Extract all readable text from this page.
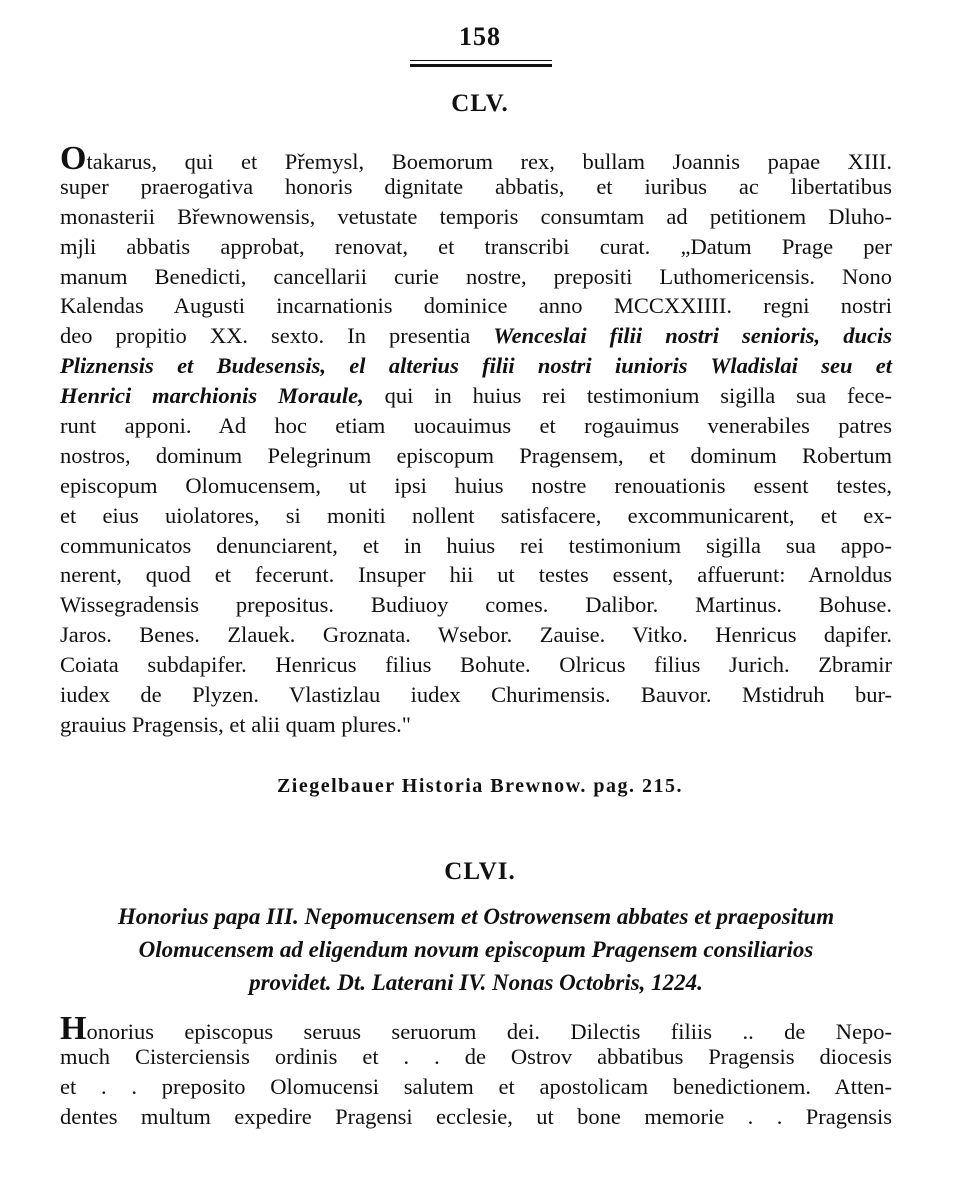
158
CLV.
Otakarus, qui et Přemysl, Boemorum rex, bullam Joannis papae XIII.
super praerogativa honoris dignitate abbatis, et iuribus ac libertatibus
monasterii Břewnowensis, vetustate temporis consumtam ad petitionem Dluho-
mjli abbatis approbat, renovat, et transcribi curat. „Datum Prage per
manum Benedicti, cancellarii curie nostre, prepositi Luthomericensis. Nono
Kalendas Augusti incarnationis dominice anno MCCXXIIII. regni nostri
deo propitio XX. sexto. In presentia Wenceslai filii nostri senioris, ducis
Pliznensis et Budesensis, el alterius filii nostri iunioris Wladislai seu et
Henrici marchionis Moraule, qui in huius rei testimonium sigilla sua fece-
runt apponi. Ad hoc etiam uocauimus et rogauimus venerabiles patres
nostros, dominum Pelegrinum episcopum Pragensem, et dominum Robertum
episcopum Olomucensem, ut ipsi huius nostre renouationis essent testes,
et eius uiolatores, si moniti nollent satisfacere, excommunicarent, et ex-
communicatos denunciarent, et in huius rei testimonium sigilla sua appo-
nerent, quod et fecerunt. Insuper hii ut testes essent, affuerunt: Arnoldus
Wissegradensis prepositus. Budiuoy comes. Dalibor. Martinus. Bohuse.
Jaros. Benes. Zlauek. Groznata. Wsebor. Zauise. Vitko. Henricus dapifer.
Coiata subdapifer. Henricus filius Bohute. Olricus filius Jurich. Zbramir
iudex de Plyzen. Vlastizlau iudex Churimensis. Bauvor. Mstidruh bur-
grauius Pragensis, et alii quam plures."
Ziegelbauer Historia Brewnow. pag. 215.
CLVI.
Honorius papa III. Nepomucensem et Ostrowensem abbates et praepositum
Olomucensem ad eligendum novum episcopum Pragensem consiliarios
providet. Dt. Laterani IV. Nonas Octobris, 1224.
Honorius episcopus seruus seruorum dei. Dilectis filiis .. de Nepo-
much Cisterciensis ordinis et . . de Ostrov abbatibus Pragensis diocesis
et . . preposito Olomucensi salutem et apostolicam benedictionem. Atten-
dentes multum expedire Pragensi ecclesie, ut bone memorie . . Pragensis
